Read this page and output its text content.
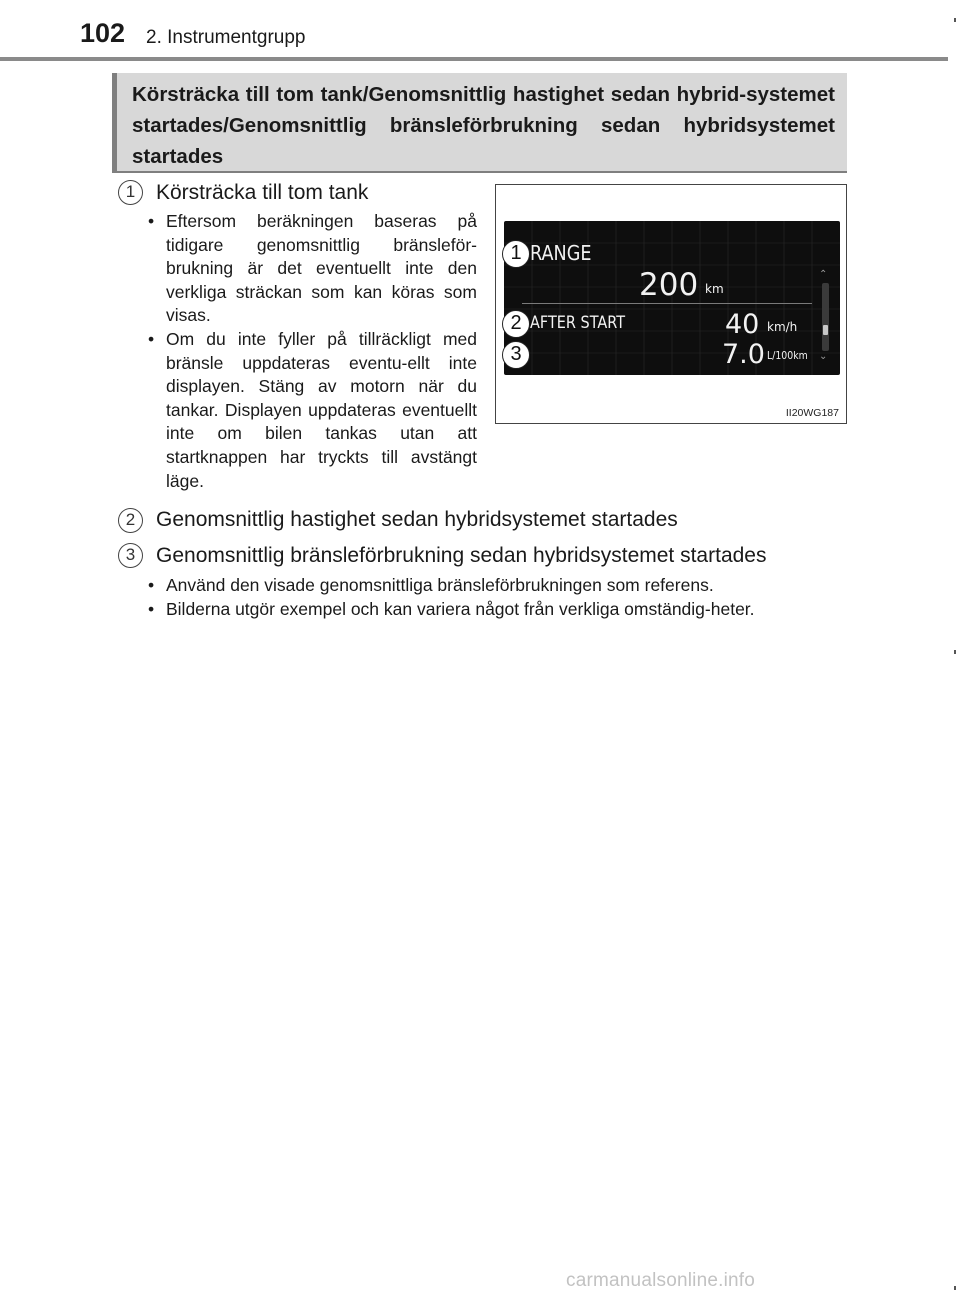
102 2. Instrumentgrupp
Körsträcka till tom tank/Genomsnittlig hastighet sedan hybrid-systemet startades/Genomsnittlig bränsleförbrukning sedan hybridsystemet startades
1 Körsträcka till tom tank
• Eftersom beräkningen baseras på tidigare genomsnittlig bränsleför-brukning är det eventuellt inte den verkliga sträckan som kan köras som visas.
• Om du inte fyller på tillräckligt med bränsle uppdateras eventu-ellt inte displayen. Stäng av motorn när du tankar. Displayen uppdateras eventuellt inte om bilen tankas utan att startknappen har tryckts till avstängt läge.
RANGE
200 km
AFTER START	40 km/h
7.0 L/100km
⌃
⌄
1
2
3
II20WG187
2 Genomsnittlig hastighet sedan hybridsystemet startades
3 Genomsnittlig bränsleförbrukning sedan hybridsystemet startades
• Använd den visade genomsnittliga bränsleförbrukningen som referens.
• Bilderna utgör exempel och kan variera något från verkliga omständig-heter.
carmanualsonline.info
